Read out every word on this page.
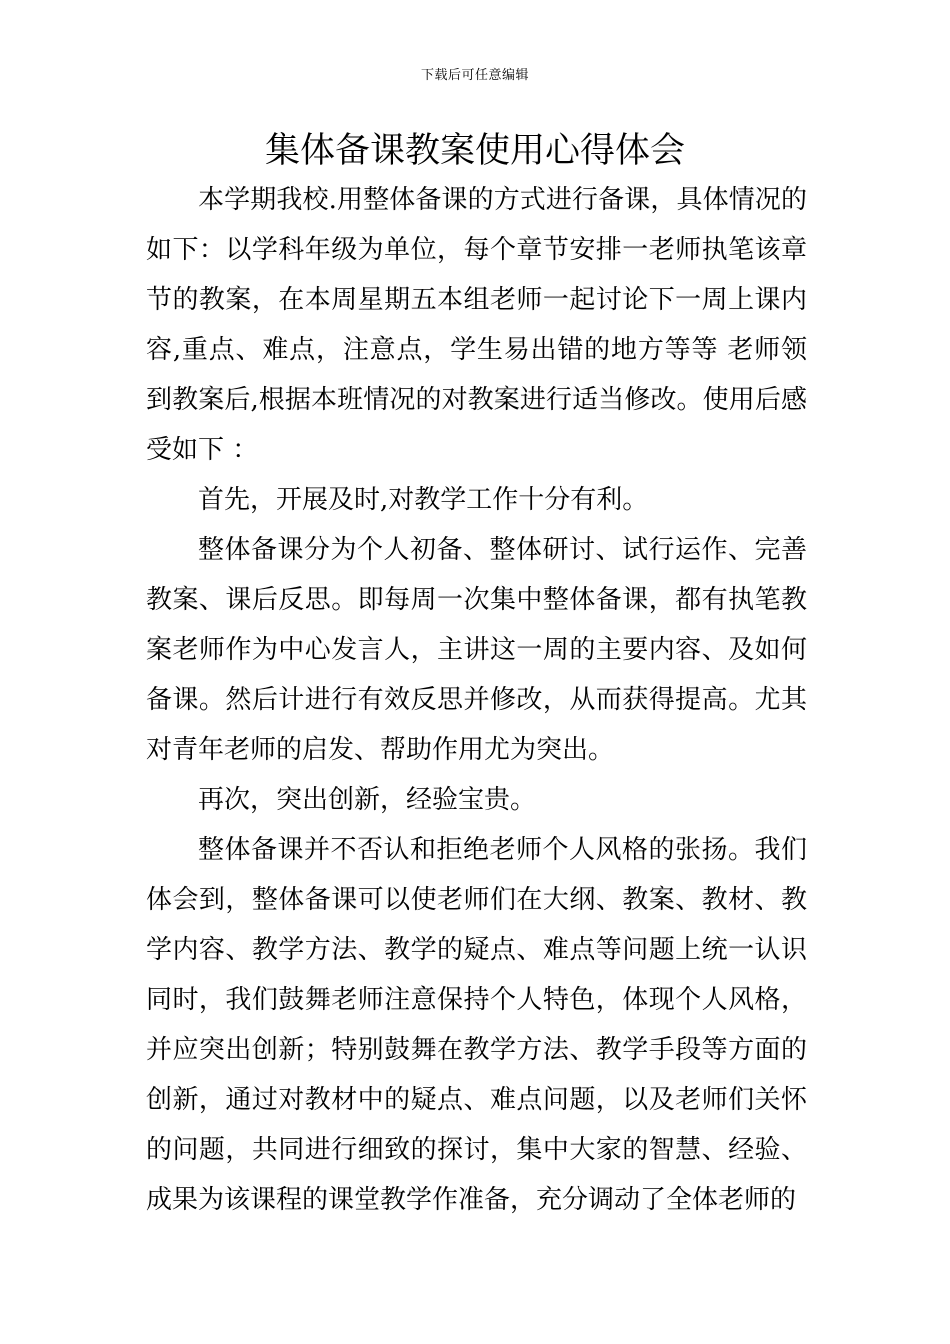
下载后可任意编辑
集体备课教案使用心得体会

本学期我校.用整体备课的方式进行备课，具体情况的如下：以学科年级为单位，每个章节安排一老师执笔该章节的教案，在本周星期五本组老师一起讨论下一周上课内容,重点、难点，注意点，学生易出错的地方等等 老师领到教案后,根据本班情况的对教案进行适当修改。使用后感受如下 ：

首先，开展及时,对教学工作十分有利。

整体备课分为个人初备、整体研讨、试行运作、完善教案、课后反思。即每周一次集中整体备课，都有执笔教案老师作为中心发言人，主讲这一周的主要内容、及如何备课。然后计进行有效反思并修改，从而获得提高。尤其对青年老师的启发、帮助作用尤为突出。

再次，突出创新，经验宝贵。

整体备课并不否认和拒绝老师个人风格的张扬。我们体会到，整体备课可以使老师们在大纲、教案、教材、教学内容、教学方法、教学的疑点、难点等问题上统一认识同时，我们鼓舞老师注意保持个人特色，体现个人风格，并应突出创新；特别鼓舞在教学方法、教学手段等方面的创新，通过对教材中的疑点、难点问题，以及老师们关怀的问题，共同进行细致的探讨，集中大家的智慧、经验、成果为该课程的课堂教学作准备，充分调动了全体老师的
